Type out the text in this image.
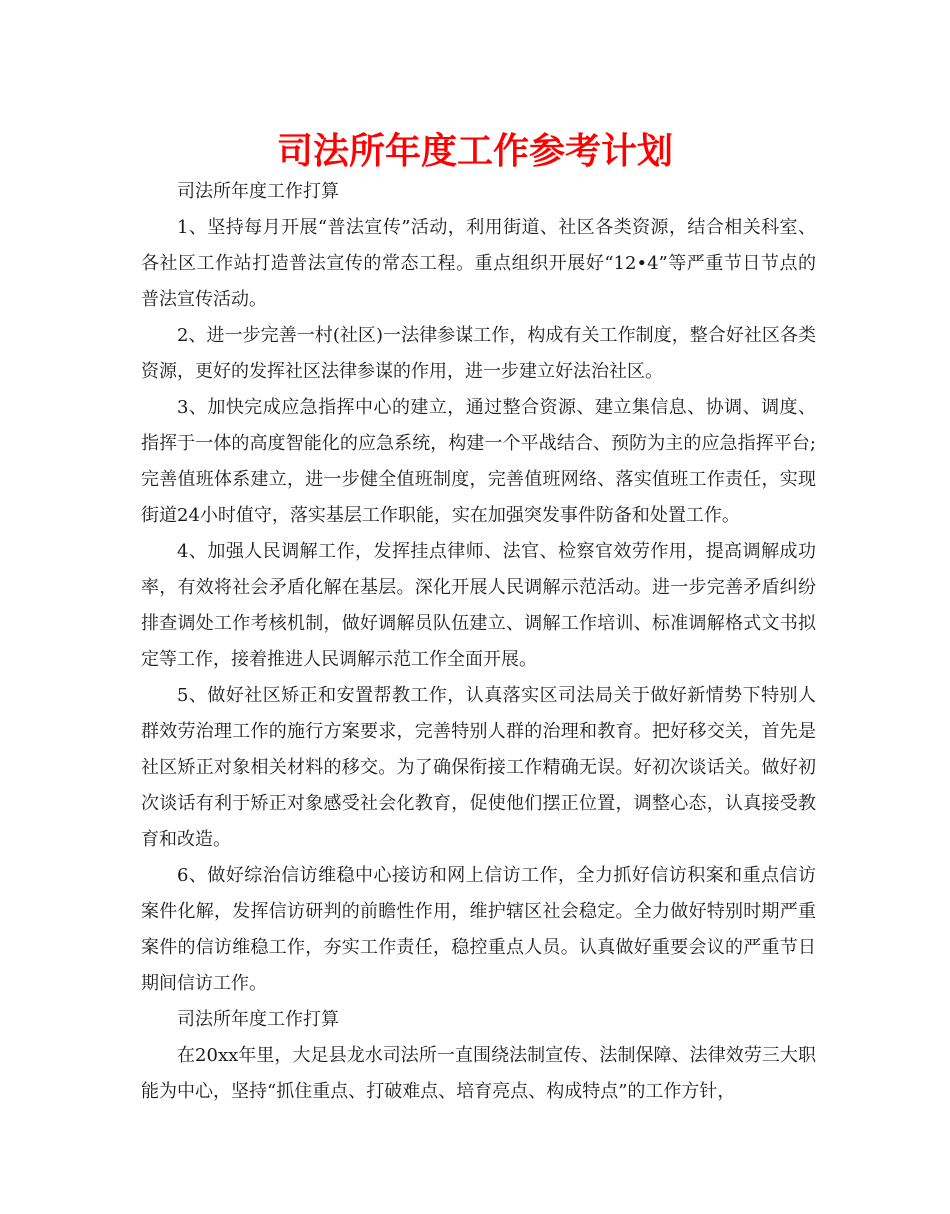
司法所年度工作参考计划

司法所年度工作打算

1、坚持每月开展“普法宣传”活动，利用街道、社区各类资源，结合相关科室、各社区工作站打造普法宣传的常态工程。重点组织开展好“12•4”等严重节日节点的普法宣传活动。

2、进一步完善一村(社区)一法律参谋工作，构成有关工作制度，整合好社区各类资源，更好的发挥社区法律参谋的作用，进一步建立好法治社区。

3、加快完成应急指挥中心的建立，通过整合资源、建立集信息、协调、调度、指挥于一体的高度智能化的应急系统，构建一个平战结合、预防为主的应急指挥平台;完善值班体系建立，进一步健全值班制度，完善值班网络、落实值班工作责任，实现街道24小时值守，落实基层工作职能，实在加强突发事件防备和处置工作。

4、加强人民调解工作，发挥挂点律师、法官、检察官效劳作用，提高调解成功率，有效将社会矛盾化解在基层。深化开展人民调解示范活动。进一步完善矛盾纠纷排查调处工作考核机制，做好调解员队伍建立、调解工作培训、标准调解格式文书拟定等工作，接着推进人民调解示范工作全面开展。

5、做好社区矫正和安置帮教工作，认真落实区司法局关于做好新情势下特别人群效劳治理工作的施行方案要求，完善特别人群的治理和教育。把好移交关，首先是社区矫正对象相关材料的移交。为了确保衔接工作精确无误。好初次谈话关。做好初次谈话有利于矫正对象感受社会化教育，促使他们摆正位置，调整心态，认真接受教育和改造。

6、做好综治信访维稳中心接访和网上信访工作，全力抓好信访积案和重点信访案件化解，发挥信访研判的前瞻性作用，维护辖区社会稳定。全力做好特别时期严重案件的信访维稳工作，夯实工作责任，稳控重点人员。认真做好重要会议的严重节日期间信访工作。

司法所年度工作打算

在20xx年里，大足县龙水司法所一直围绕法制宣传、法制保障、法律效劳三大职能为中心，坚持“抓住重点、打破难点、培育亮点、构成特点”的工作方针，
